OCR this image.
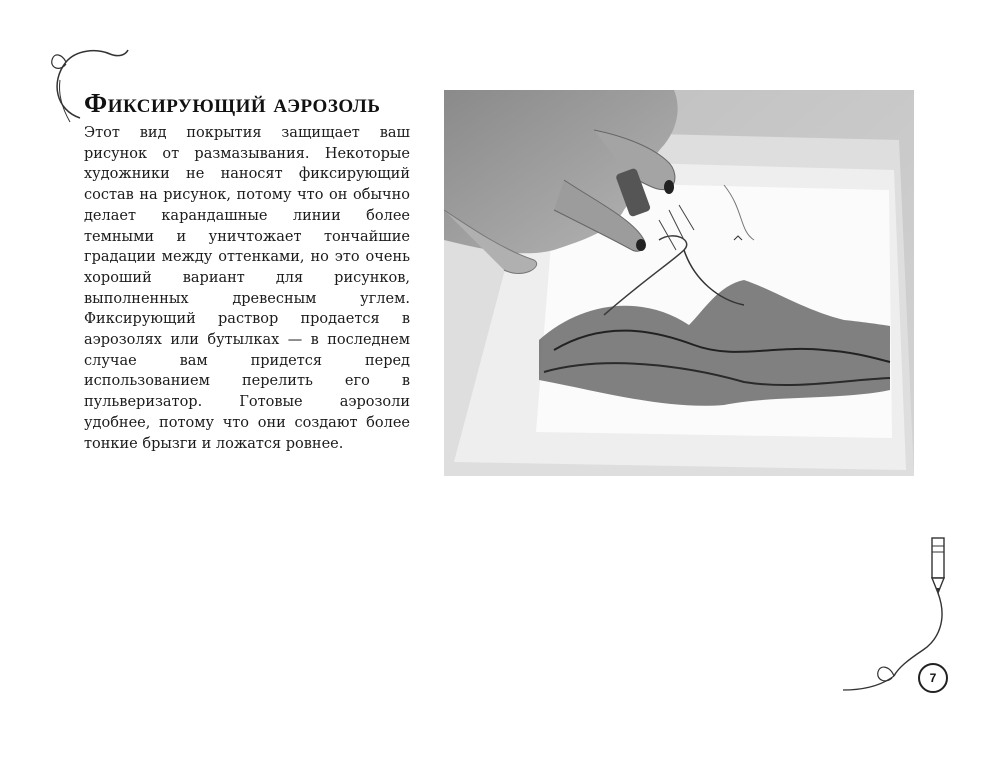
Фиксирующий аэрозоль

Этот вид покрытия защищает ваш рисунок от размазывания. Некоторые художники не наносят фиксирующий состав на рисунок, потому что он обычно делает карандашные линии более темными и уничтожает тончайшие градации между оттенками, но это очень хороший вариант для рисунков, выполненных древесным углем. Фиксирующий раствор продается в аэрозолях или бутылках — в последнем случае вам придется перед использованием перелить его в пульверизатор. Готовые аэрозоли удобнее, потому что они создают более тонкие брызги и ложатся ровнее.

7
